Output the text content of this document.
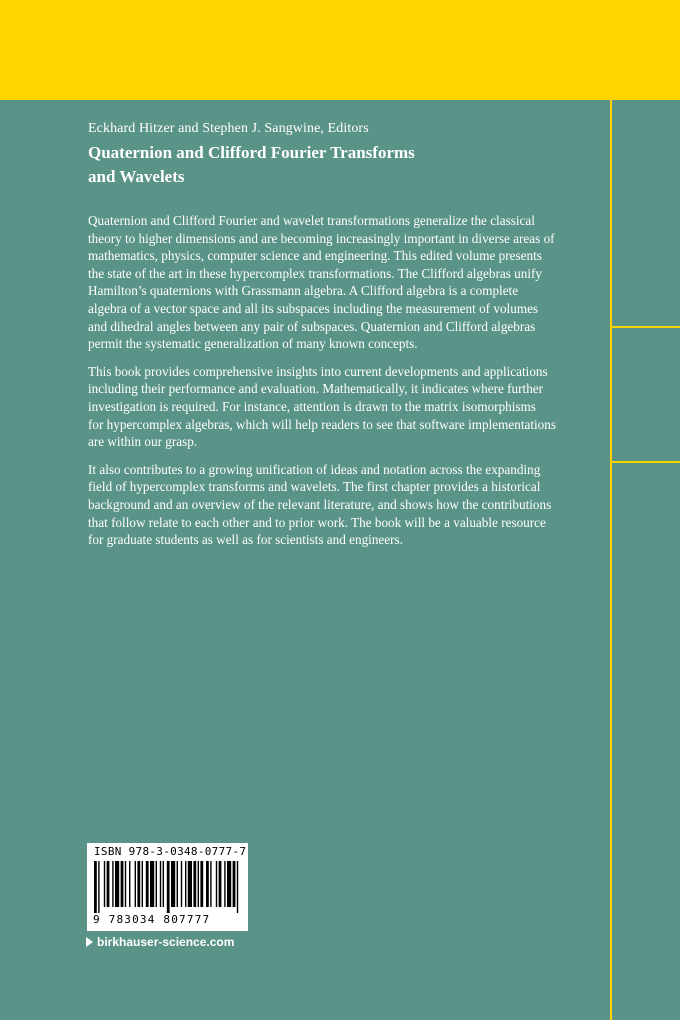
Eckhard Hitzer and Stephen J. Sangwine, Editors
Quaternion and Clifford Fourier Transforms
and Wavelets

Quaternion and Clifford Fourier and wavelet transformations generalize the classical
theory to higher dimensions and are becoming increasingly important in diverse areas of
mathematics, physics, computer science and engineering. This edited volume presents
the state of the art in these hypercomplex transformations. The Clifford algebras unify
Hamilton’s quaternions with Grassmann algebra. A Clifford algebra is a complete
algebra of a vector space and all its subspaces including the measurement of volumes
and dihedral angles between any pair of subspaces. Quaternion and Clifford algebras
permit the systematic generalization of many known concepts.

This book provides comprehensive insights into current developments and applications
including their performance and evaluation. Mathematically, it indicates where further
investigation is required. For instance, attention is drawn to the matrix isomorphisms
for hypercomplex algebras, which will help readers to see that software implementations
are within our grasp.

It also contributes to a growing unification of ideas and notation across the expanding
field of hypercomplex transforms and wavelets. The first chapter provides a historical
background and an overview of the relevant literature, and shows how the contributions
that follow relate to each other and to prior work. The book will be a valuable resource
for graduate students as well as for scientists and engineers.

ISBN 978-3-0348-0777-7
9 783034 807777
birkhauser-science.com
